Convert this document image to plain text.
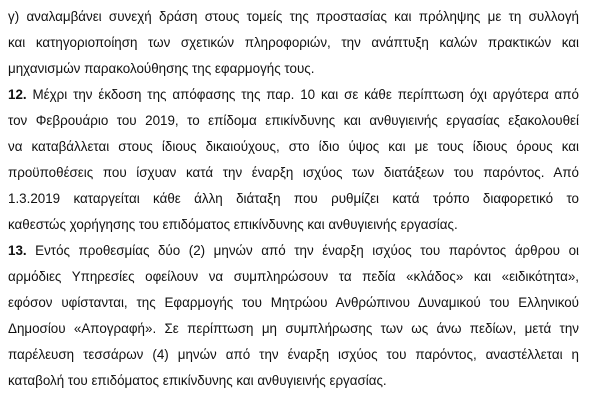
γ) αναλαμβάνει συνεχή δράση στους τομείς της προστασίας και πρόληψης με τη συλλογή
και κατηγοριοποίηση των σχετικών πληροφοριών, την ανάπτυξη καλών πρακτικών και
μηχανισμών παρακολούθησης της εφαρμογής τους.
12. Μέχρι την έκδοση της απόφασης της παρ. 10 και σε κάθε περίπτωση όχι αργότερα από
τον Φεβρουάριο του 2019, το επίδομα επικίνδυνης και ανθυγιεινής εργασίας εξακολουθεί
να καταβάλλεται στους ίδιους δικαιούχους, στο ίδιο ύψος και με τους ίδιους όρους και
προϋποθέσεις που ίσχυαν κατά την έναρξη ισχύος των διατάξεων του παρόντος. Από
1.3.2019 καταργείται κάθε άλλη διάταξη που ρυθμίζει κατά τρόπο διαφορετικό το
καθεστώς χορήγησης του επιδόματος επικίνδυνης και ανθυγιεινής εργασίας.
13. Εντός προθεσμίας δύο (2) μηνών από την έναρξη ισχύος του παρόντος άρθρου οι
αρμόδιες Υπηρεσίες οφείλουν να συμπληρώσουν τα πεδία «κλάδος» και «ειδικότητα»,
εφόσον υφίστανται, της Εφαρμογής του Μητρώου Ανθρώπινου Δυναμικού του Ελληνικού
Δημοσίου «Απογραφή». Σε περίπτωση μη συμπλήρωσης των ως άνω πεδίων, μετά την
παρέλευση τεσσάρων (4) μηνών από την έναρξη ισχύος του παρόντος, αναστέλλεται η
καταβολή του επιδόματος επικίνδυνης και ανθυγιεινής εργασίας.
